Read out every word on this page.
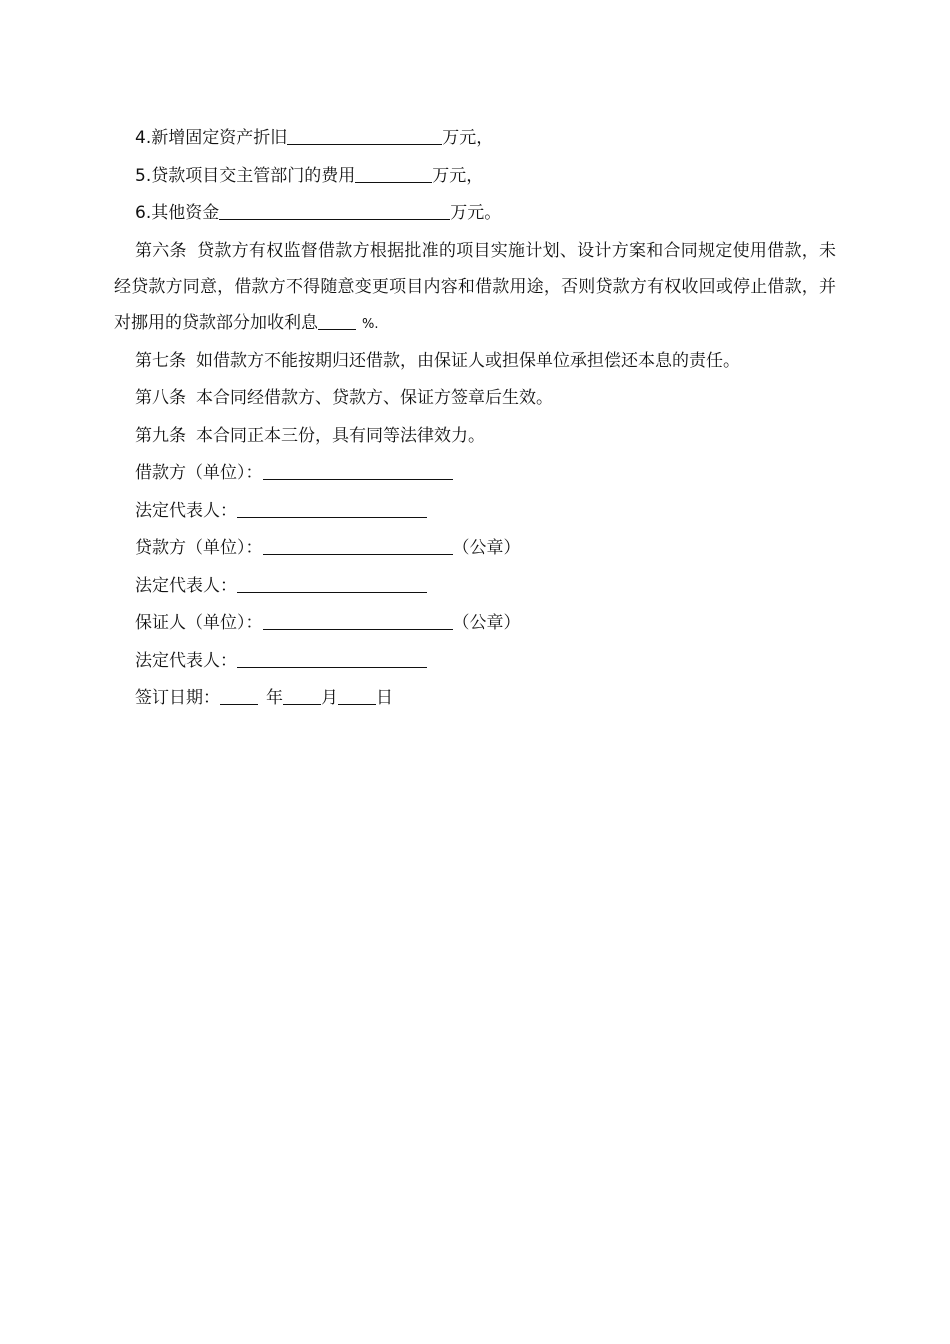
4.新增固定资产折旧	万元，
5.贷款项目交主管部门的费用	万元，
6.其他资金	万元。
第六条 贷款方有权监督借款方根据批准的项目实施计划、设计方案和合同规定使用借款，未经贷款方同意，借款方不得随意变更项目内容和借款用途，否则贷款方有权收回或停止借款，并对挪用的贷款部分加收利息	%.
第七条 如借款方不能按期归还借款，由保证人或担保单位承担偿还本息的责任。
第八条 本合同经借款方、贷款方、保证方签章后生效。
第九条 本合同正本三份，具有同等法律效力。
借款方（单位）：
法定代表人：
贷款方（单位）：	（公章）
法定代表人：
保证人（单位）：	（公章）
法定代表人：
签订日期：	年 月 日
